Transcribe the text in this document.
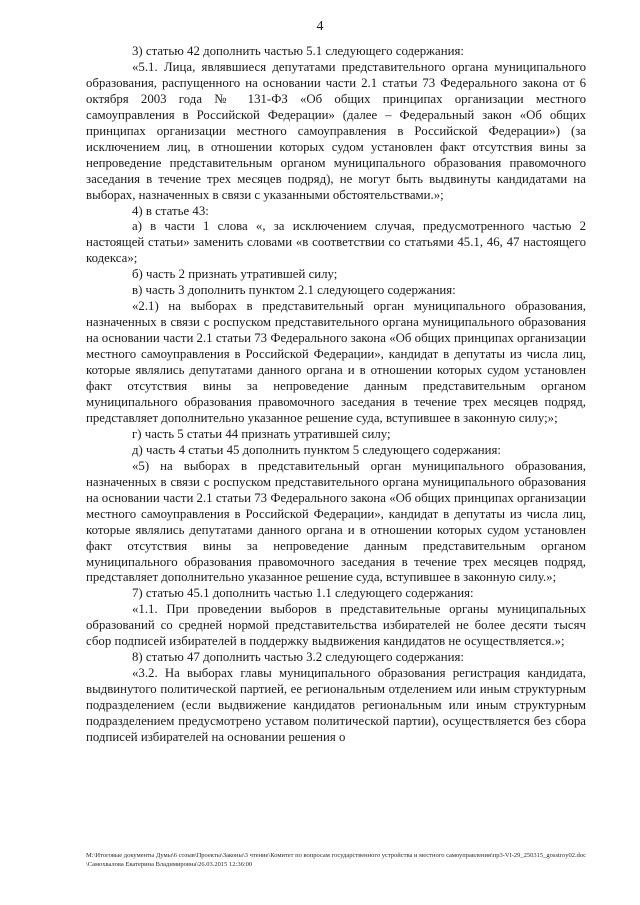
4

3) статью 42 дополнить частью 5.1 следующего содержания:

«5.1. Лица, являвшиеся депутатами представительного органа муниципального образования, распущенного на основании части 2.1 статьи 73 Федерального закона от 6 октября 2003 года № 131-ФЗ «Об общих принципах организации местного самоуправления в Российской Федерации» (далее – Федеральный закон «Об общих принципах организации местного самоуправления в Российской Федерации») (за исключением лиц, в отношении которых судом установлен факт отсутствия вины за непроведение представительным органом муниципального образования правомочного заседания в течение трех месяцев подряд), не могут быть выдвинуты кандидатами на выборах, назначенных в связи с указанными обстоятельствами.»;

4) в статье 43:

а) в части 1 слова «, за исключением случая, предусмотренного частью 2 настоящей статьи» заменить словами «в соответствии со статьями 45.1, 46, 47 настоящего кодекса»;

б) часть 2 признать утратившей силу;

в) часть 3 дополнить пунктом 2.1 следующего содержания:

«2.1) на выборах в представительный орган муниципального образования, назначенных в связи с роспуском представительного органа муниципального образования на основании части 2.1 статьи 73 Федерального закона «Об общих принципах организации местного самоуправления в Российской Федерации», кандидат в депутаты из числа лиц, которые являлись депутатами данного органа и в отношении которых судом установлен факт отсутствия вины за непроведение данным представительным органом муниципального образования правомочного заседания в течение трех месяцев подряд, представляет дополнительно указанное решение суда, вступившее в законную силу;»;

г) часть 5 статьи 44 признать утратившей силу;

д) часть 4 статьи 45 дополнить пунктом 5 следующего содержания:

«5) на выборах в представительный орган муниципального образования, назначенных в связи с роспуском представительного органа муниципального образования на основании части 2.1 статьи 73 Федерального закона «Об общих принципах организации местного самоуправления в Российской Федерации», кандидат в депутаты из числа лиц, которые являлись депутатами данного органа и в отношении которых судом установлен факт отсутствия вины за непроведение данным представительным органом муниципального образования правомочного заседания в течение трех месяцев подряд, представляет дополнительно указанное решение суда, вступившее в законную силу.»;

7) статью 45.1 дополнить частью 1.1 следующего содержания:

«1.1. При проведении выборов в представительные органы муниципальных образований со средней нормой представительства избирателей не более десяти тысяч сбор подписей избирателей в поддержку выдвижения кандидатов не осуществляется.»;

8) статью 47 дополнить частью 3.2 следующего содержания:

«3.2. На выборах главы муниципального образования регистрация кандидата, выдвинутого политической партией, ее региональным отделением или иным структурным подразделением (если выдвижение кандидатов региональным или иным структурным подразделением предусмотрено уставом политической партии), осуществляется без сбора подписей избирателей на основании решения о

М:\Итоговые документы Думы\6 созыв\Проекты\Законы\3 чтение\Комитет по вопросам государственного устройства и местного самоуправления\пр3-VI-29_250315_gosstroy02.doc\Самохвалова Екатерина Владимировна\26.03.2015 12:36:00
